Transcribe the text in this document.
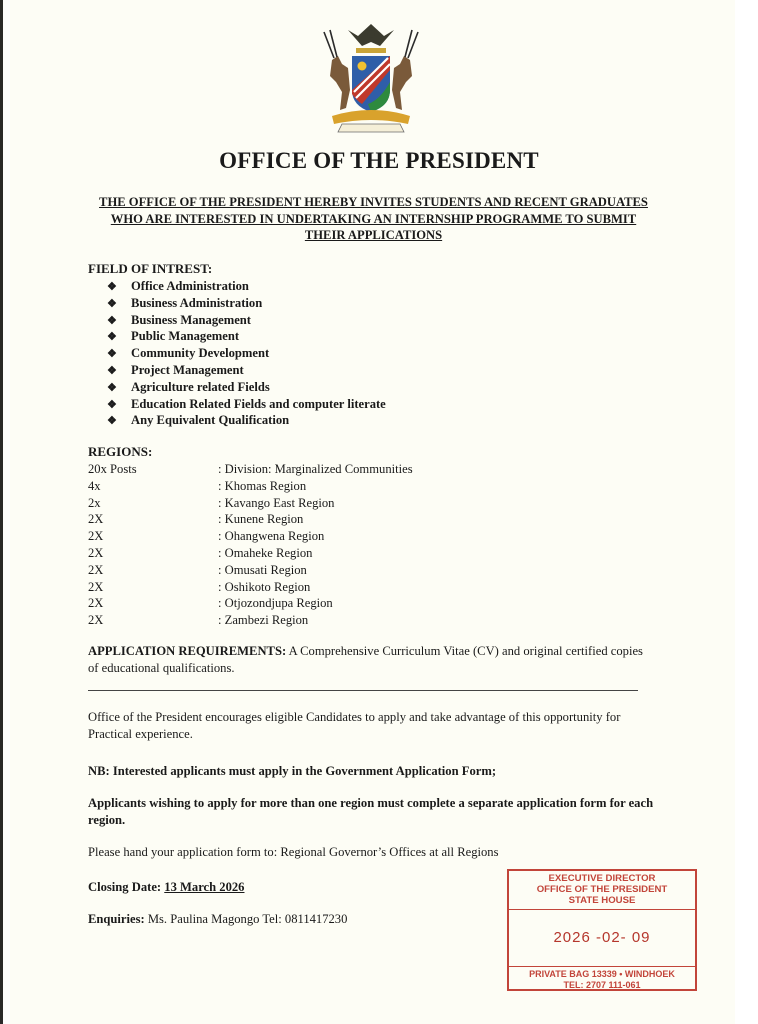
OFFICE OF THE PRESIDENT
THE OFFICE OF THE PRESIDENT HEREBY INVITES STUDENTS AND RECENT GRADUATES WHO ARE INTERESTED IN UNDERTAKING AN INTERNSHIP PROGRAMME TO SUBMIT THEIR APPLICATIONS
FIELD OF INTREST:
❖ Office Administration
❖ Business Administration
❖ Business Management
❖ Public Management
❖ Community Development
❖ Project Management
❖ Agriculture related Fields
❖ Education Related Fields and computer literate
❖ Any Equivalent Qualification
REGIONS:
20x Posts	: Division: Marginalized Communities
4x	: Khomas Region
2x	: Kavango East Region
2X	: Kunene Region
2X	: Ohangwena Region
2X	: Omaheke Region
2X	: Omusati Region
2X	: Oshikoto Region
2X	: Otjozondjupa Region
2X	: Zambezi Region
APPLICATION REQUIREMENTS: A Comprehensive Curriculum Vitae (CV) and original certified copies of educational qualifications.
Office of the President encourages eligible Candidates to apply and take advantage of this opportunity for Practical experience.
NB: Interested applicants must apply in the Government Application Form;
Applicants wishing to apply for more than one region must complete a separate application form for each region.
Please hand your application form to: Regional Governor’s Offices at all Regions
Closing Date: 13 March 2026
Enquiries: Ms. Paulina Magongo Tel: 0811417230
EXECUTIVE DIRECTOR
OFFICE OF THE PRESIDENT
STATE HOUSE
2026 -02- 09
PRIVATE BAG 13339 • WINDHOEK
TEL: 2707 111-061
